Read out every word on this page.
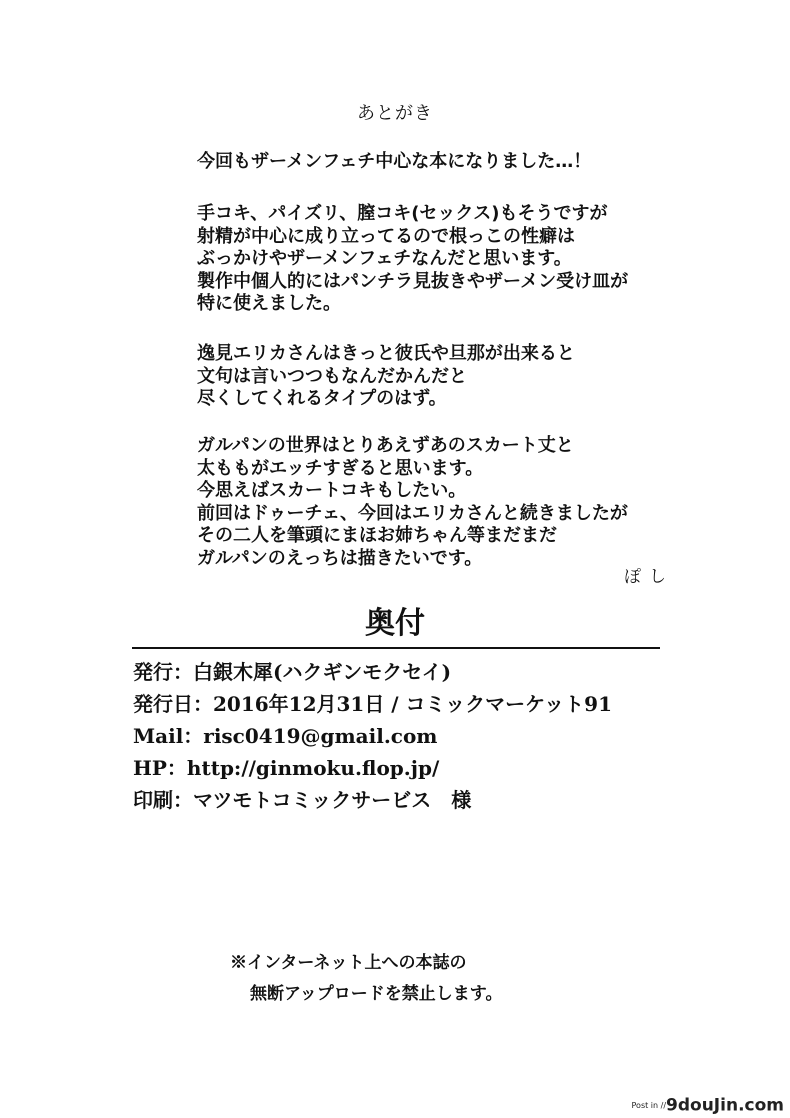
あとがき
今回もザーメンフェチ中心な本になりました…！
手コキ、パイズリ、膣コキ(セックス)もそうですが
射精が中心に成り立ってるので根っこの性癖は
ぶっかけやザーメンフェチなんだと思います。
製作中個人的にはパンチラ見抜きやザーメン受け皿が
特に使えました。
逸見エリカさんはきっと彼氏や旦那が出来ると
文句は言いつつもなんだかんだと
尽くしてくれるタイプのはず。
ガルパンの世界はとりあえずあのスカート丈と
太ももがエッチすぎると思います。
今思えばスカートコキもしたい。
前回はドゥーチェ、今回はエリカさんと続きましたが
その二人を筆頭にまほお姉ちゃん等まだまだ
ガルパンのえっちは描きたいです。
ぽし
奥付
発行：白銀木犀(ハクギンモクセイ)
発行日：2016年12月31日 / コミックマーケット91
Mail：risc0419@gmail.com
HP：http://ginmoku.flop.jp/
印刷：マツモトコミックサービス　様
※インターネット上への本誌の
無断アップロードを禁止します。
Post in //9douJin.com
